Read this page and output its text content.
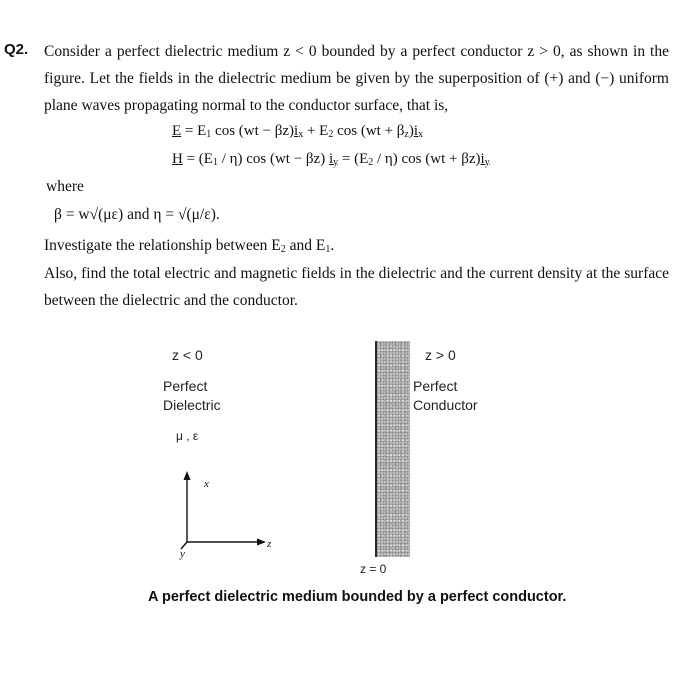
Q2. Consider a perfect dielectric medium z < 0 bounded by a perfect conductor z > 0, as shown in the figure. Let the fields in the dielectric medium be given by the superposition of (+) and (−) uniform plane waves propagating normal to the conductor surface, that is,
$E = E_1$ $\cos (wt - \beta z)i_x + E_2$ $\cos (wt + \beta_z)i_x$
$H = (E_1 / \eta)$ cos (wt − βz) $i_y = (E_2 / \eta)$ $\cos (wt + \beta z)i_y$
where
β = w√(με) and η = √(μ/ε).
Investigate the relationship between $E_2$ and $E_1$.
Also, find the total electric and magnetic fields in the dielectric and the current density at the surface between the dielectric and the conductor.
z < 0
Perfect
Dielectric
μ , ε
z > 0
Perfect
Conductor
z = 0
x
z
y
A perfect dielectric medium bounded by a perfect conductor.
